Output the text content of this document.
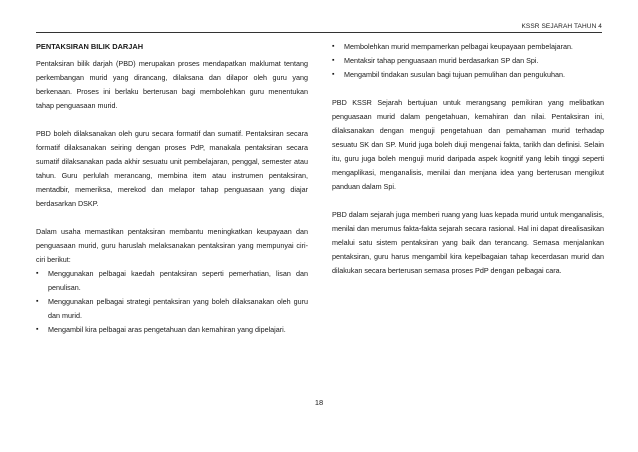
KSSR SEJARAH TAHUN 4
PENTAKSIRAN BILIK DARJAH

Pentaksiran bilik darjah (PBD) merupakan proses mendapatkan maklumat tentang perkembangan murid yang dirancang, dilaksana dan dilapor oleh guru yang berkenaan. Proses ini berlaku berterusan bagi membolehkan guru menentukan tahap penguasaan murid.

PBD boleh dilaksanakan oleh guru secara formatif dan sumatif. Pentaksiran secara formatif dilaksanakan seiring dengan proses PdP, manakala pentaksiran secara sumatif dilaksanakan pada akhir sesuatu unit pembelajaran, penggal, semester atau tahun. Guru perlulah merancang, membina item atau instrumen pentaksiran, mentadbir, memeriksa, merekod dan melapor tahap penguasaan yang diajar berdasarkan DSKP.

Dalam usaha memastikan pentaksiran membantu meningkatkan keupayaan dan penguasaan murid, guru haruslah melaksanakan pentaksiran yang mempunyai ciri-ciri berikut:

▪ Menggunakan pelbagai kaedah pentaksiran seperti pemerhatian, lisan dan penulisan.
▪ Menggunakan pelbagai strategi pentaksiran yang boleh dilaksanakan oleh guru dan murid.
▪ Mengambil kira pelbagai aras pengetahuan dan kemahiran yang dipelajari.
▪ Membolehkan murid mempamerkan pelbagai keupayaan pembelajaran.
▪ Mentaksir tahap penguasaan murid berdasarkan SP dan Spi.
▪ Mengambil tindakan susulan bagi tujuan pemulihan dan pengukuhan.

PBD KSSR Sejarah bertujuan untuk merangsang pemikiran yang melibatkan penguasaan murid dalam pengetahuan, kemahiran dan nilai. Pentaksiran ini, dilaksanakan dengan menguji pengetahuan dan pemahaman murid terhadap sesuatu SK dan SP. Murid juga boleh diuji mengenai fakta, tarikh dan definisi. Selain itu, guru juga boleh menguji murid daripada aspek kognitif yang lebih tinggi seperti mengaplikasi, menganalisis, menilai dan menjana idea yang berterusan mengikut panduan dalam Spi.

PBD dalam sejarah juga memberi ruang yang luas kepada murid untuk menganalisis, menilai dan merumus fakta-fakta sejarah secara rasional. Hal ini dapat direalisasikan melalui satu sistem pentaksiran yang baik dan terancang. Semasa menjalankan pentaksiran, guru harus mengambil kira kepelbagaian tahap kecerdasan murid dan dilakukan secara berterusan semasa proses PdP dengan pelbagai cara.

18
